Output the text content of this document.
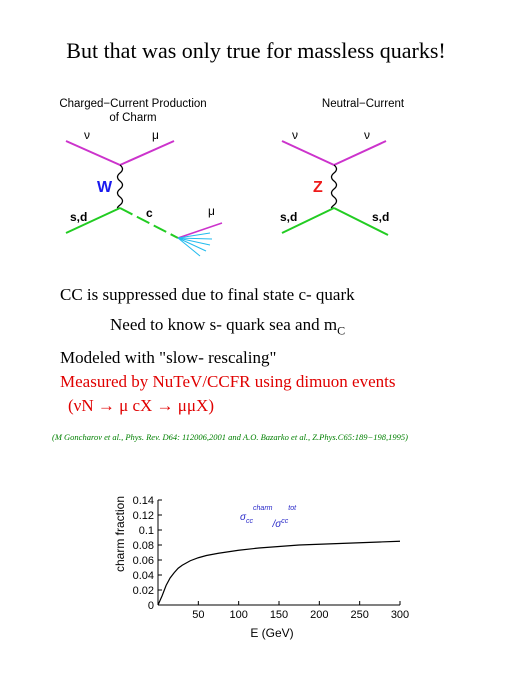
But that was only true for massless quarks!
Charged−Current Production
of Charm
Neutral−Current
ν	μ
W
s,d	c	μ
ν	ν
Z
s,d	s,d
CC is suppressed due to final state c- quark
Need to know s- quark sea and $m_C$
Modeled with "slow- rescaling"
Measured by NuTeV/CCFR using dimuon events
(νN → μ cX → μμX)
(M Goncharov et al., Phys. Rev. D64: 112006,2001 and A.O. Bazarko et al., Z.Phys.C65:189−198,1995)
0
0.02
0.04
0.06
0.08
0.1
0.12
0.14
50 100 150 200 250 300
$\sigma_{cc}^{charm}/\sigma^{cctot}$
E (GeV)
charm fraction
